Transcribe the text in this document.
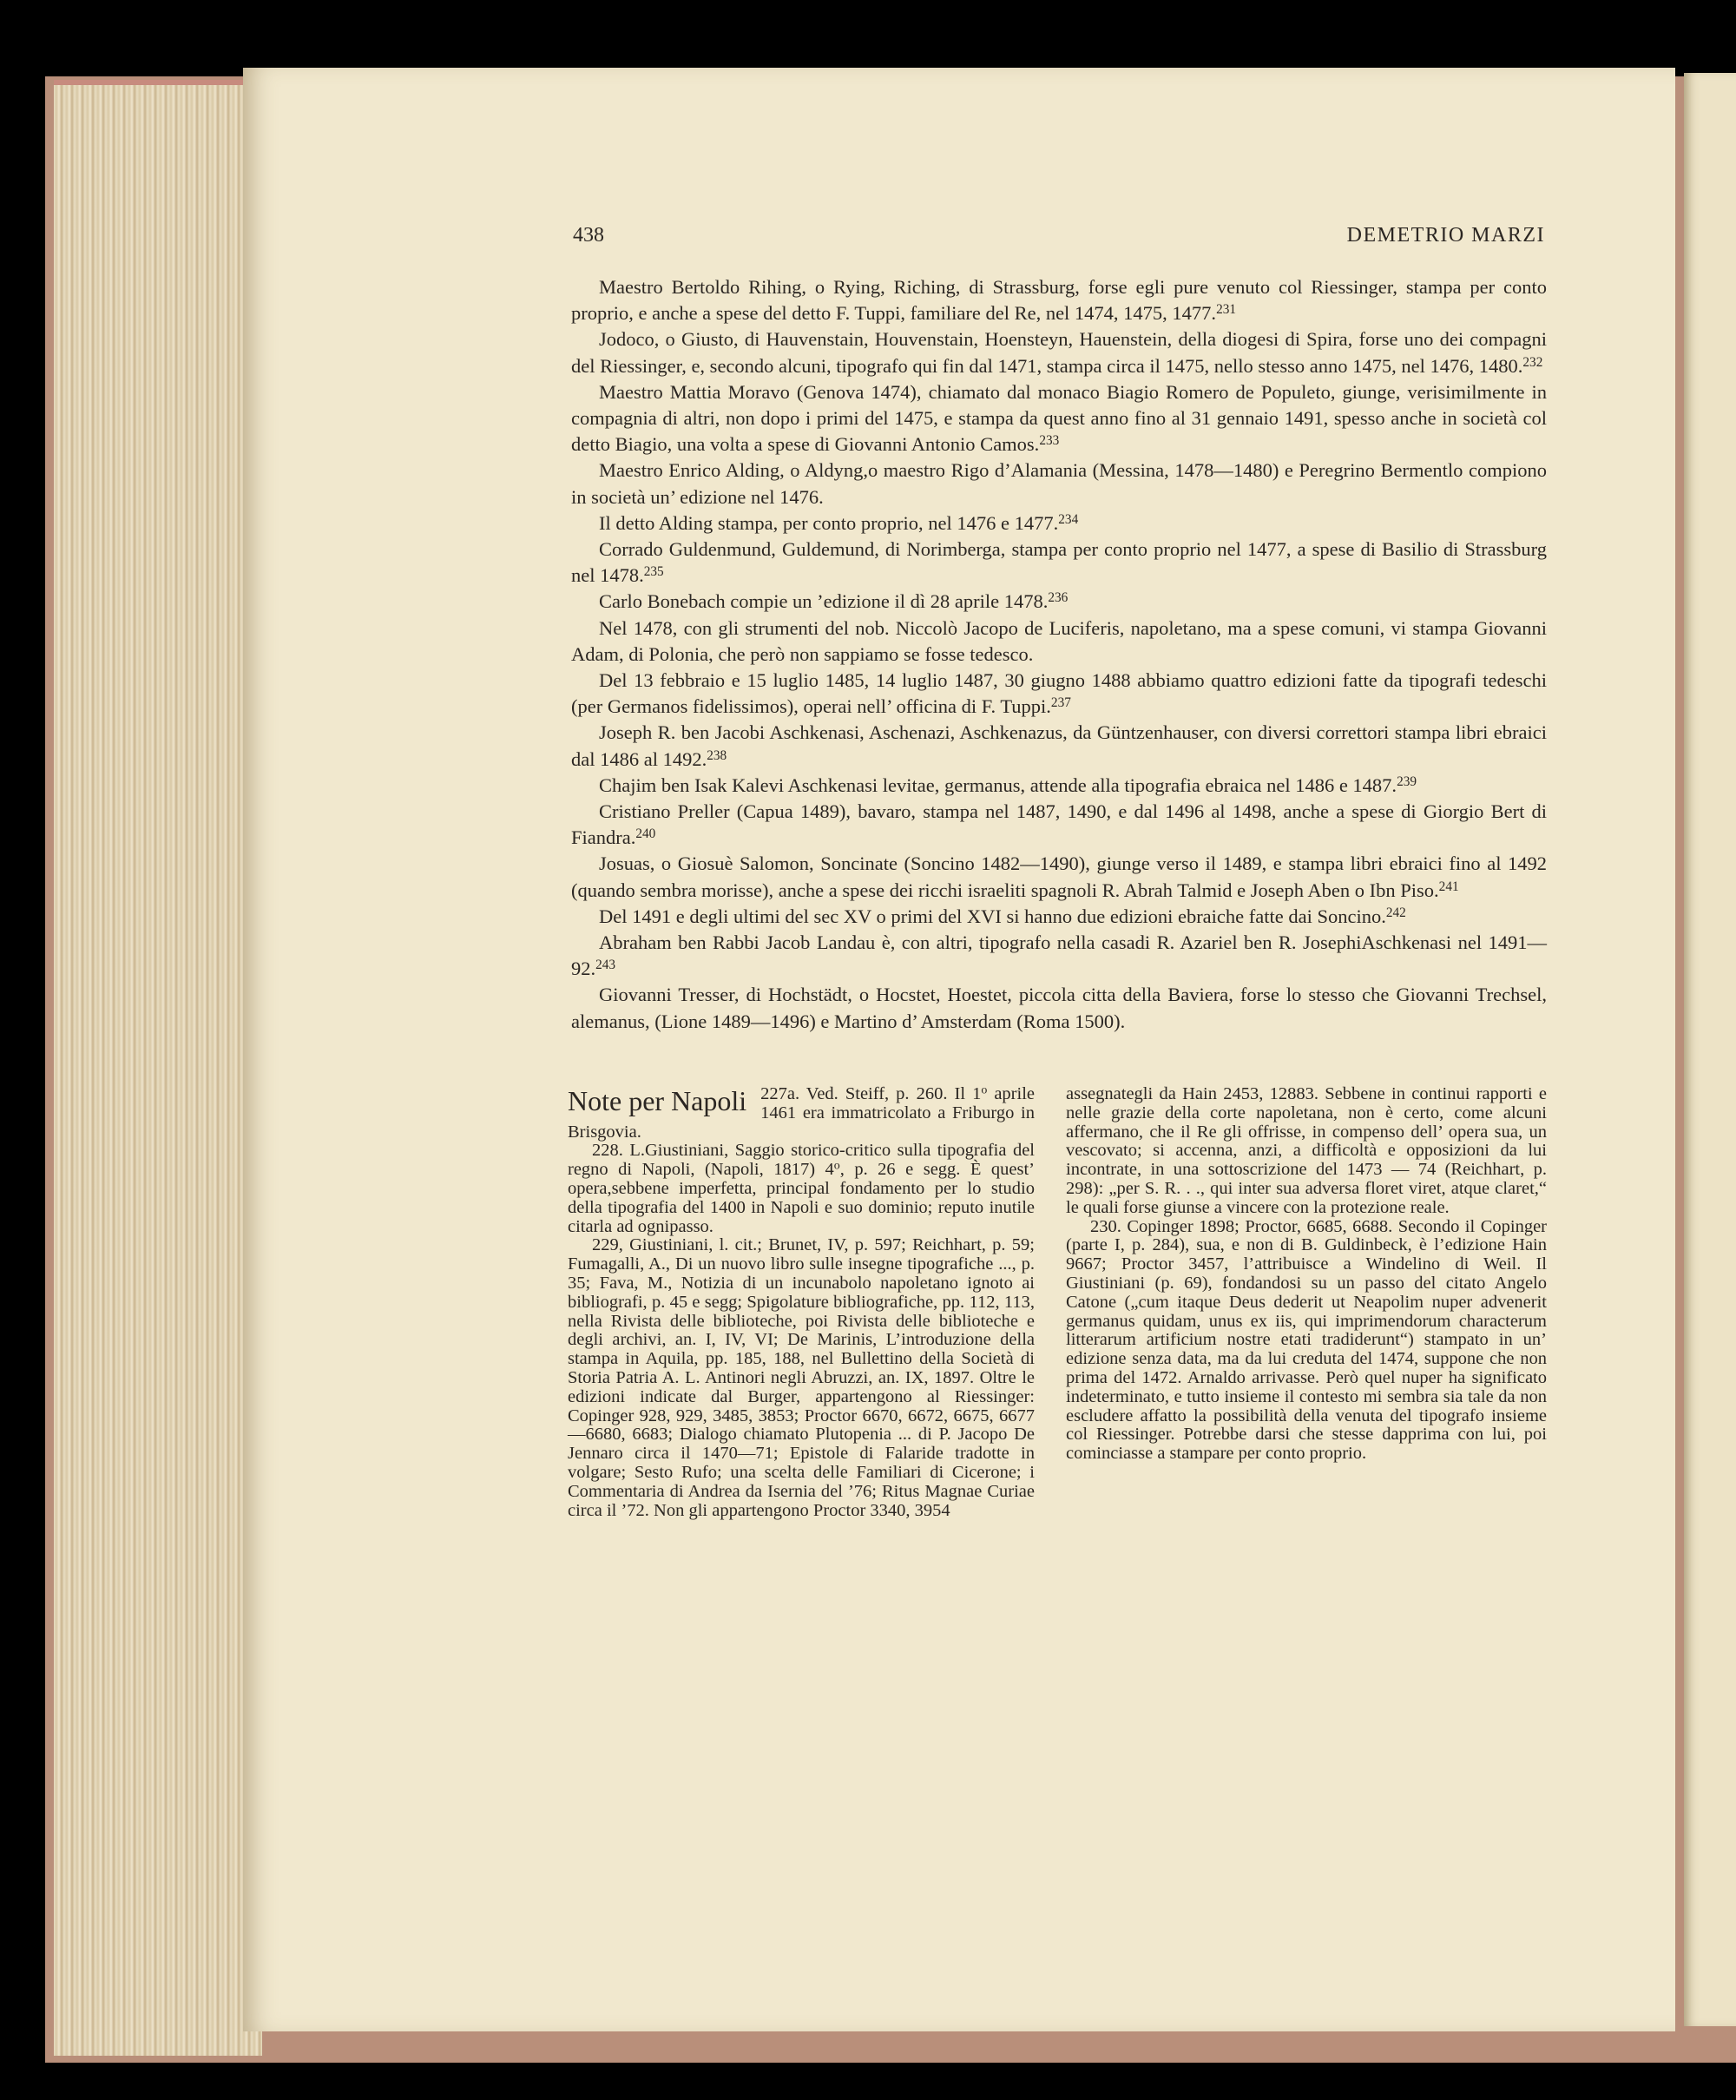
438	DEMETRIO MARZI

Maestro Bertoldo Rihing, o Rying, Riching, di Strassburg, forse egli pure venuto col Riessinger, stampa per conto proprio, e anche a spese del detto F. Tuppi, familiare del Re, nel 1474, 1475, 1477.$^{231}$

Jodoco, o Giusto, di Hauvenstain, Houvenstain, Hoensteyn, Hauenstein, della diogesi di Spira, forse uno dei compagni del Riessinger, e, secondo alcuni, tipografo qui fin dal 1471, stampa circa il 1475, nello stesso anno 1475, nel 1476, 1480.$^{232}$

Maestro Mattia Moravo (Genova 1474), chiamato dal monaco Biagio Romero de Populeto, giunge, verisimilmente in compagnia di altri, non dopo i primi del 1475, e stampa da quest anno fino al 31 gennaio 1491, spesso anche in società col detto Biagio, una volta a spese di Giovanni Antonio Camos.$^{233}$

Maestro Enrico Alding, o Aldyng,o maestro Rigo d’Alamania (Messina, 1478—1480) e Peregrino Bermentlo compiono in società un’ edizione nel 1476.

Il detto Alding stampa, per conto proprio, nel 1476 e 1477.$^{234}$

Corrado Guldenmund, Guldemund, di Norimberga, stampa per conto proprio nel 1477, a spese di Basilio di Strassburg nel 1478.$^{235}$

Carlo Bonebach compie un ’edizione il dì 28 aprile 1478.$^{236}$

Nel 1478, con gli strumenti del nob. Niccolò Jacopo de Luciferis, napoletano, ma a spese comuni, vi stampa Giovanni Adam, di Polonia, che però non sappiamo se fosse tedesco.

Del 13 febbraio e 15 luglio 1485, 14 luglio 1487, 30 giugno 1488 abbiamo quattro edizioni fatte da tipografi tedeschi (per Germanos fidelissimos), operai nell’ officina di F. Tuppi.$^{237}$

Joseph R. ben Jacobi Aschkenasi, Aschenazi, Aschkenazus, da Güntzenhauser, con diversi correttori stampa libri ebraici dal 1486 al 1492.$^{238}$

Chajim ben Isak Kalevi Aschkenasi levitae, germanus, attende alla tipografia ebraica nel 1486 e 1487.$^{239}$

Cristiano Preller (Capua 1489), bavaro, stampa nel 1487, 1490, e dal 1496 al 1498, anche a spese di Giorgio Bert di Fiandra.$^{240}$

Josuas, o Giosuè Salomon, Soncinate (Soncino 1482—1490), giunge verso il 1489, e stampa libri ebraici fino al 1492 (quando sembra morisse), anche a spese dei ricchi israeliti spagnoli R. Abrah Talmid e Joseph Aben o Ibn Piso.$^{241}$

Del 1491 e degli ultimi del sec XV o primi del XVI si hanno due edizioni ebraiche fatte dai Soncino.$^{242}$

Abraham ben Rabbi Jacob Landau è, con altri, tipografo nella casadi R. Azariel ben R. JosephiAschkenasi nel 1491—92.$^{243}$

Giovanni Tresser, di Hochstädt, o Hocstet, Hoestet, piccola citta della Baviera, forse lo stesso che Giovanni Trechsel, alemanus, (Lione 1489—1496) e Martino d’ Amsterdam (Roma 1500).

Note per Napoli 227a. Ved. Steiff, p. 260. Il 1$^o$ aprile 1461 era immatricolato a Friburgo in Brisgovia.

228. L.Giustiniani, Saggio storico-critico sulla tipografia del regno di Napoli, (Napoli, 1817) 4$^o$, p. 26 e segg. È quest’ opera,sebbene imperfetta, principal fondamento per lo studio della tipografia del 1400 in Napoli e suo dominio; reputo inutile citarla ad ognipasso.

229, Giustiniani, l. cit.; Brunet, IV, p. 597; Reichhart, p. 59; Fumagalli, A., Di un nuovo libro sulle insegne tipografiche ..., p. 35; Fava, M., Notizia di un incunabolo napoletano ignoto ai bibliografi, p. 45 e segg; Spigolature bibliografiche, pp. 112, 113, nella Rivista delle biblioteche, poi Rivista delle biblioteche e degli archivi, an. I, IV, VI; De Marinis, L’introduzione della stampa in Aquila, pp. 185, 188, nel Bullettino della Società di Storia Patria A. L. Antinori negli Abruzzi, an. IX, 1897. Oltre le edizioni indicate dal Burger, appartengono al Riessinger: Copinger 928, 929, 3485, 3853; Proctor 6670, 6672, 6675, 6677—6680, 6683; Dialogo chiamato Plutopenia ... di P. Jacopo De Jennaro circa il 1470—71; Epistole di Falaride tradotte in volgare; Sesto Rufo; una scelta delle Familiari di Cicerone; i Commentaria di Andrea da Isernia del ’76; Ritus Magnae Curiae circa il ’72. Non gli appartengono Proctor 3340, 3954

assegnategli da Hain 2453, 12883. Sebbene in continui rapporti e nelle grazie della corte napoletana, non è certo, come alcuni affermano, che il Re gli offrisse, in compenso dell’ opera sua, un vescovato; si accenna, anzi, a difficoltà e opposizioni da lui incontrate, in una sottoscrizione del 1473 — 74 (Reichhart, p. 298): „per S. R. . ., qui inter sua adversa floret viret, atque claret,“ le quali forse giunse a vincere con la protezione reale.

230. Copinger 1898; Proctor, 6685, 6688. Secondo il Copinger (parte I, p. 284), sua, e non di B. Guldinbeck, è l’edizione Hain 9667; Proctor 3457, l’attribuisce a Windelino di Weil. Il Giustiniani (p. 69), fondandosi su un passo del citato Angelo Catone („cum itaque Deus dederit ut Neapolim nuper advenerit germanus quidam, unus ex iis, qui imprimendorum characterum litterarum artificium nostre etati tradiderunt“) stampato in un’ edizione senza data, ma da lui creduta del 1474, suppone che non prima del 1472. Arnaldo arrivasse. Però quel nuper ha significato indeterminato, e tutto insieme il contesto mi sembra sia tale da non escludere affatto la possibilità della venuta del tipografo insieme col Riessinger. Potrebbe darsi che stesse dapprima con lui, poi cominciasse a stampare per conto proprio.
